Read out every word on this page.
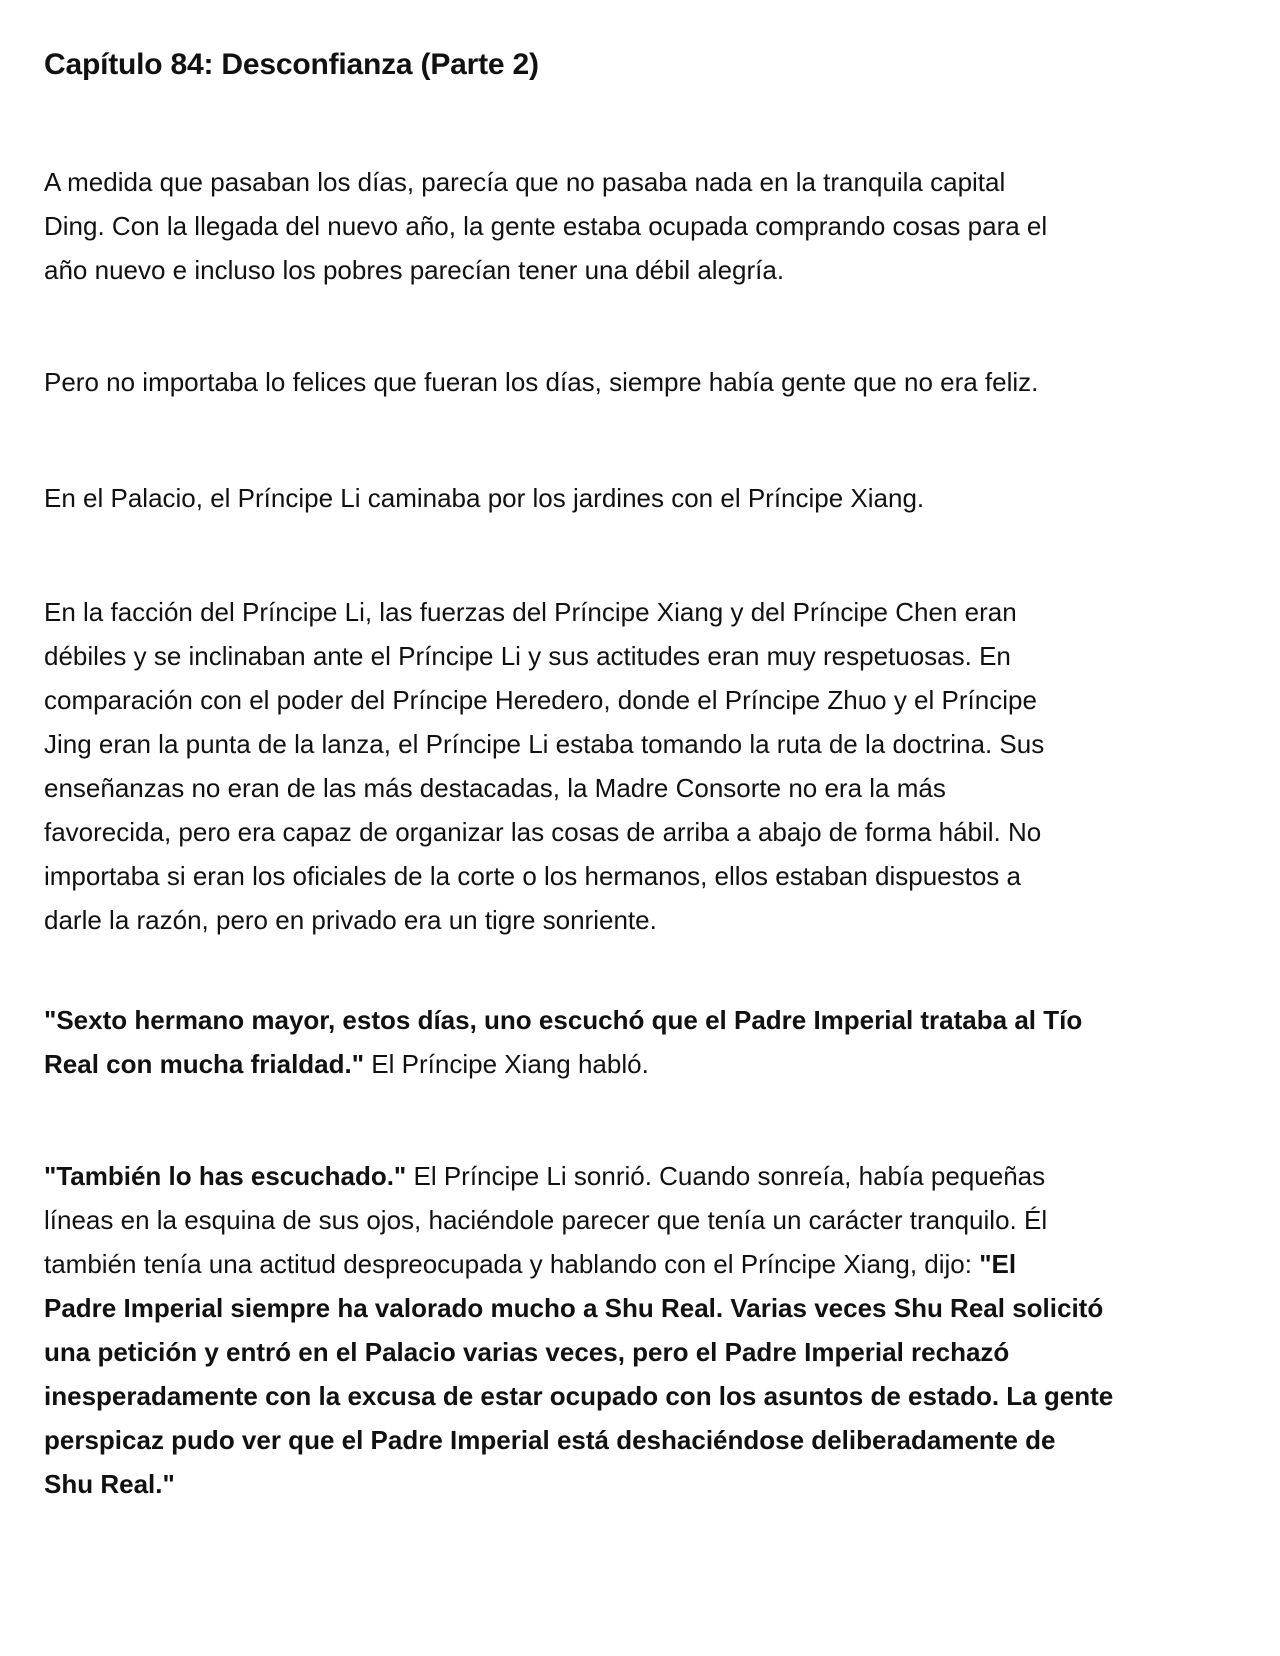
Capítulo 84: Desconfianza (Parte 2)

A medida que pasaban los días, parecía que no pasaba nada en la tranquila capital
Ding. Con la llegada del nuevo año, la gente estaba ocupada comprando cosas para el
año nuevo e incluso los pobres parecían tener una débil alegría.

Pero no importaba lo felices que fueran los días, siempre había gente que no era feliz.

En el Palacio, el Príncipe Li caminaba por los jardines con el Príncipe Xiang.

En la facción del Príncipe Li, las fuerzas del Príncipe Xiang y del Príncipe Chen eran
débiles y se inclinaban ante el Príncipe Li y sus actitudes eran muy respetuosas. En
comparación con el poder del Príncipe Heredero, donde el Príncipe Zhuo y el Príncipe
Jing eran la punta de la lanza, el Príncipe Li estaba tomando la ruta de la doctrina. Sus
enseñanzas no eran de las más destacadas, la Madre Consorte no era la más
favorecida, pero era capaz de organizar las cosas de arriba a abajo de forma hábil. No
importaba si eran los oficiales de la corte o los hermanos, ellos estaban dispuestos a
darle la razón, pero en privado era un tigre sonriente.

"Sexto hermano mayor, estos días, uno escuchó que el Padre Imperial trataba al Tío
Real con mucha frialdad." El Príncipe Xiang habló.

"También lo has escuchado." El Príncipe Li sonrió. Cuando sonreía, había pequeñas
líneas en la esquina de sus ojos, haciéndole parecer que tenía un carácter tranquilo. Él
también tenía una actitud despreocupada y hablando con el Príncipe Xiang, dijo: "El
Padre Imperial siempre ha valorado mucho a Shu Real. Varias veces Shu Real solicitó
una petición y entró en el Palacio varias veces, pero el Padre Imperial rechazó
inesperadamente con la excusa de estar ocupado con los asuntos de estado. La gente
perspicaz pudo ver que el Padre Imperial está deshaciéndose deliberadamente de
Shu Real."
